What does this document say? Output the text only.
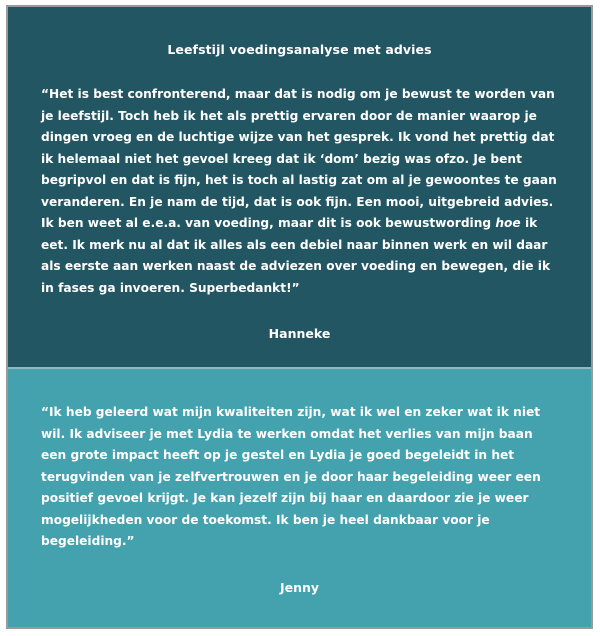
Leefstijl voedingsanalyse met advies
“Het is best confronterend, maar dat is nodig om je bewust te worden van je leefstijl. Toch heb ik het als prettig ervaren door de manier waarop je dingen vroeg en de luchtige wijze van het gesprek. Ik vond het prettig dat ik helemaal niet het gevoel kreeg dat ik ‘dom’ bezig was ofzo. Je bent begripvol en dat is fijn, het is toch al lastig zat om al je gewoontes te gaan veranderen. En je nam de tijd, dat is ook fijn. Een mooi, uitgebreid advies. Ik ben weet al e.e.a. van voeding, maar dit is ook bewustwording hoe ik eet. Ik merk nu al dat ik alles als een debiel naar binnen werk en wil daar als eerste aan werken naast de adviezen over voeding en bewegen, die ik in fases ga invoeren. Superbedankt!”
Hanneke
“Ik heb geleerd wat mijn kwaliteiten zijn, wat ik wel en zeker wat ik niet wil. Ik adviseer je met Lydia te werken omdat het verlies van mijn baan een grote impact heeft op je gestel en Lydia je goed begeleidt in het terugvinden van je zelfvertrouwen en je door haar begeleiding weer een positief gevoel krijgt. Je kan jezelf zijn bij haar en daardoor zie je weer mogelijkheden voor de toekomst. Ik ben je heel dankbaar voor je begeleiding.”
Jenny
